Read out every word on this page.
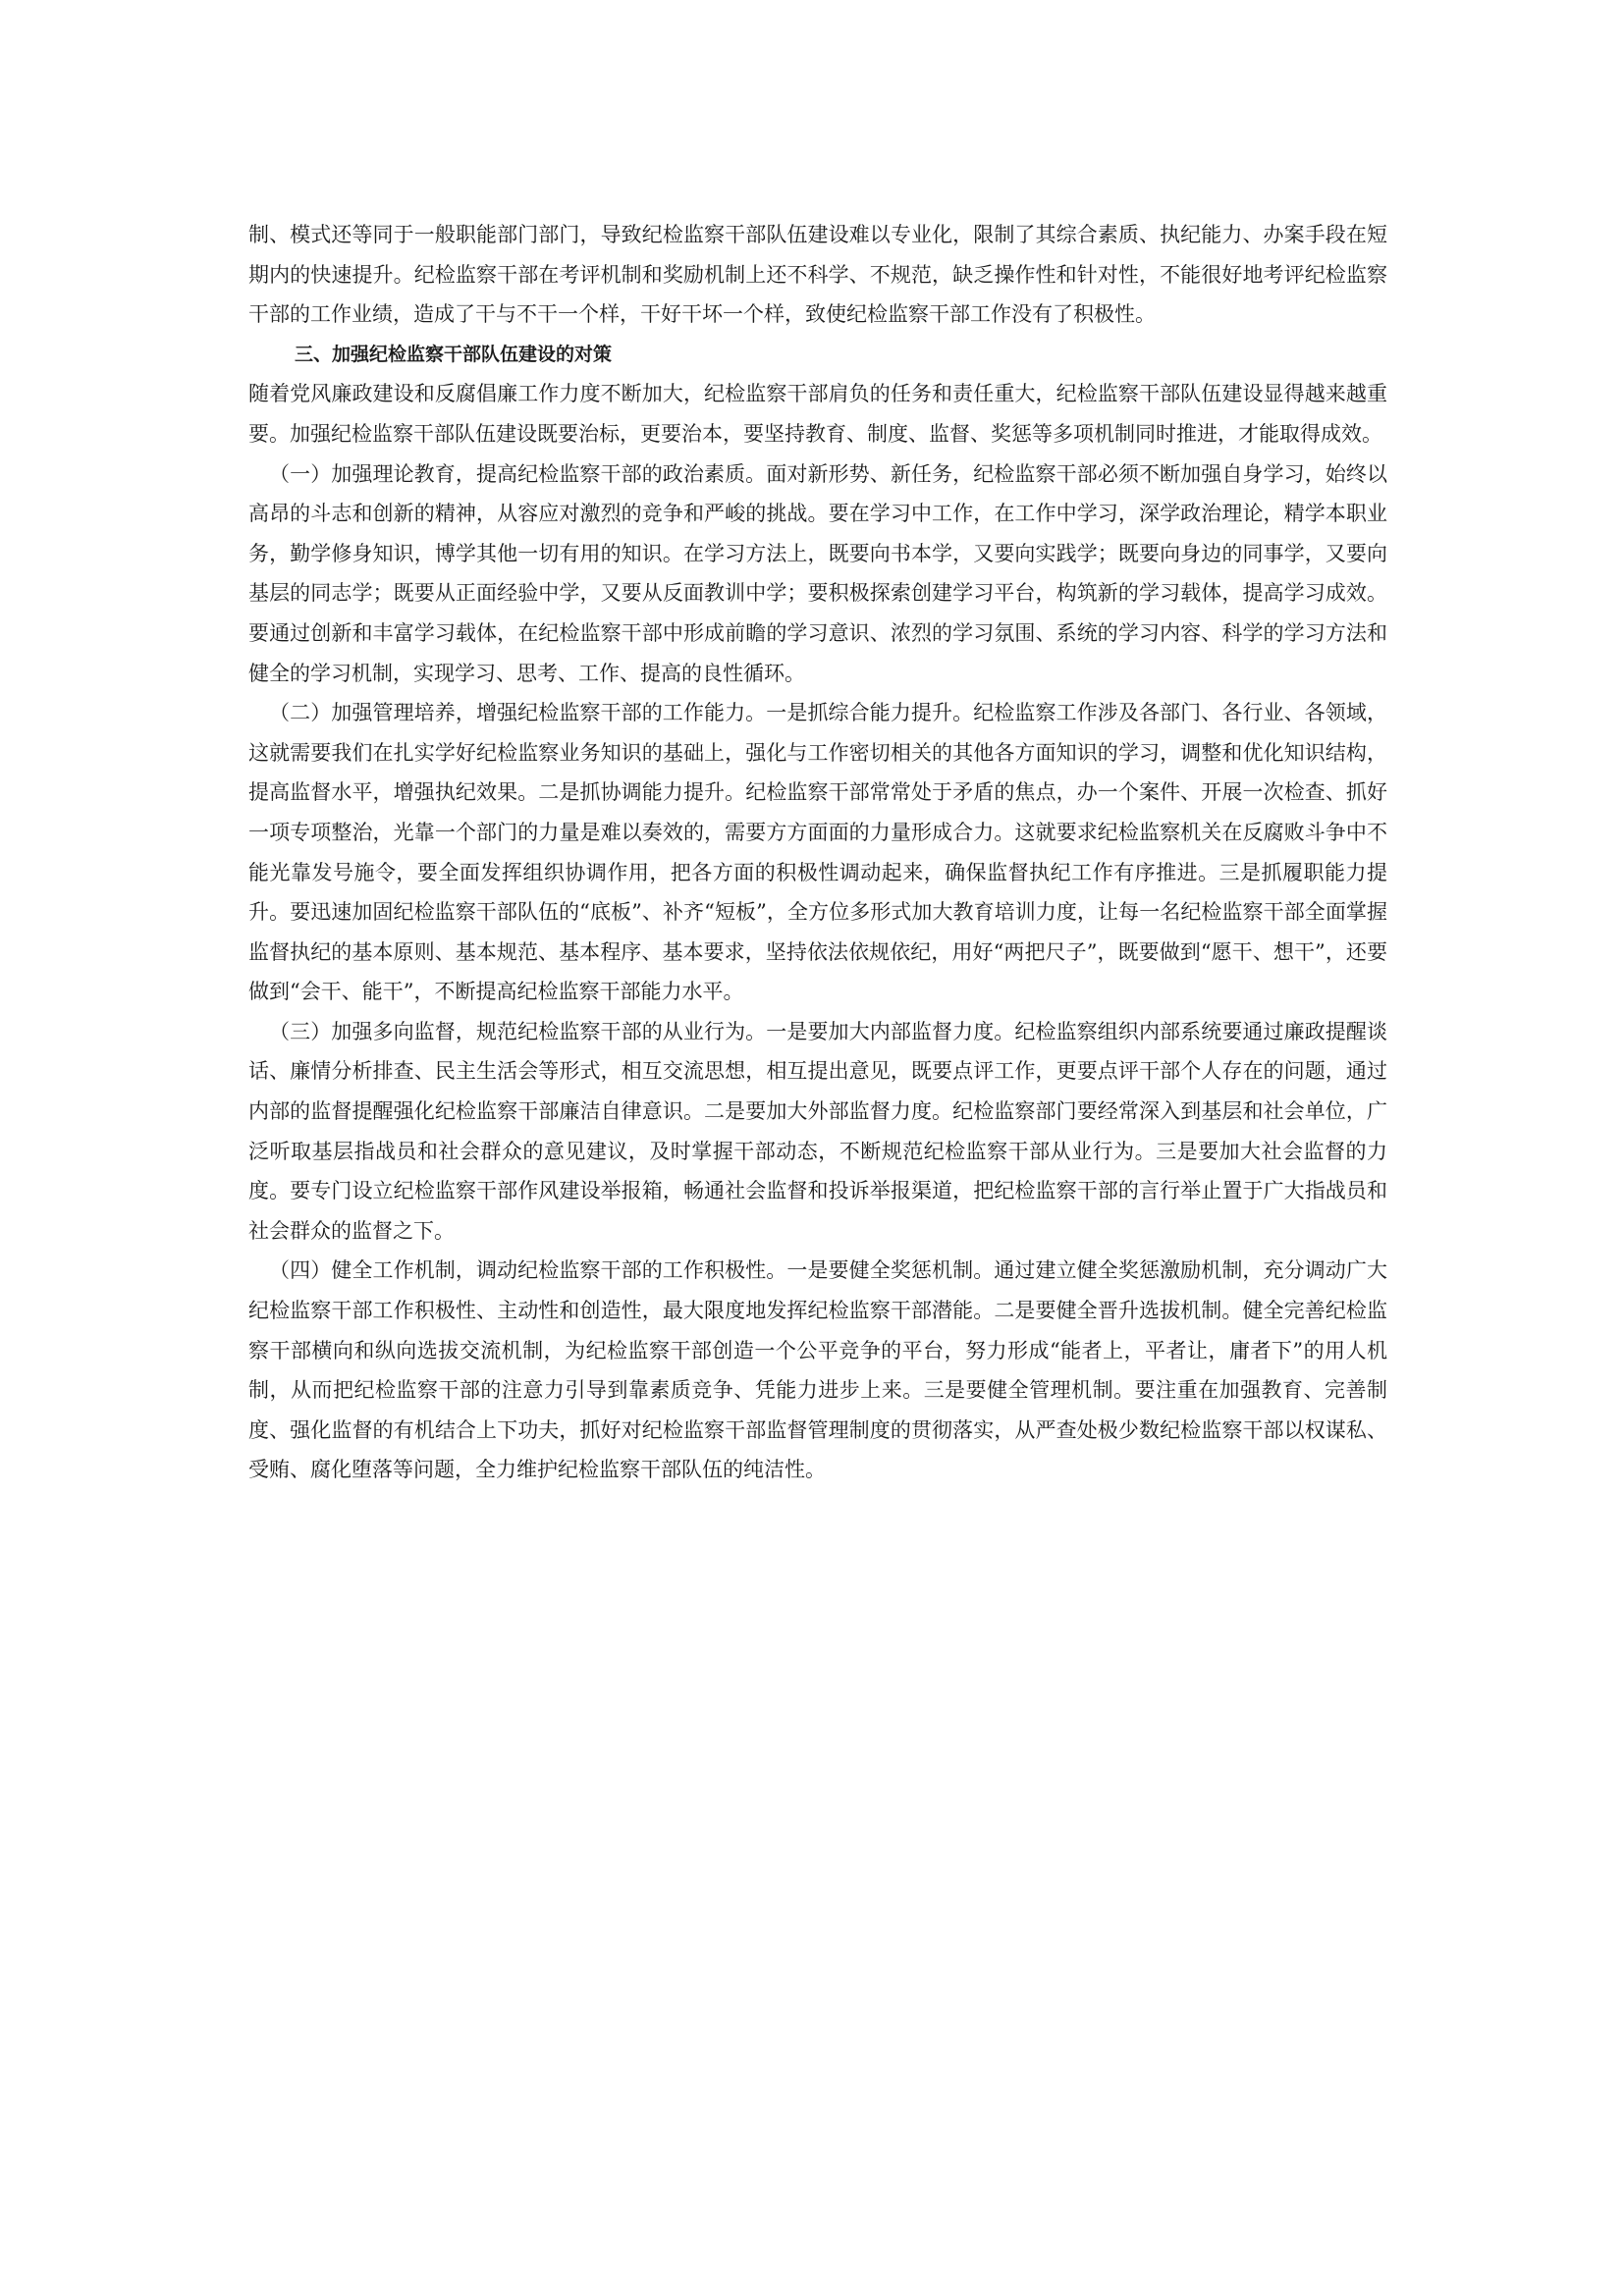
制、模式还等同于一般职能部门部门，导致纪检监察干部队伍建设难以专业化，限制了其综合素质、执纪能力、办案手段在短期内的快速提升。纪检监察干部在考评机制和奖励机制上还不科学、不规范，缺乏操作性和针对性，不能很好地考评纪检监察干部的工作业绩，造成了干与不干一个样，干好干坏一个样，致使纪检监察干部工作没有了积极性。

三、加强纪检监察干部队伍建设的对策

随着党风廉政建设和反腐倡廉工作力度不断加大，纪检监察干部肩负的任务和责任重大，纪检监察干部队伍建设显得越来越重要。加强纪检监察干部队伍建设既要治标，更要治本，要坚持教育、制度、监督、奖惩等多项机制同时推进，才能取得成效。

（一）加强理论教育，提高纪检监察干部的政治素质。面对新形势、新任务，纪检监察干部必须不断加强自身学习，始终以高昂的斗志和创新的精神，从容应对激烈的竞争和严峻的挑战。要在学习中工作，在工作中学习，深学政治理论，精学本职业务，勤学修身知识，博学其他一切有用的知识。在学习方法上，既要向书本学，又要向实践学；既要向身边的同事学，又要向基层的同志学；既要从正面经验中学，又要从反面教训中学；要积极探索创建学习平台，构筑新的学习载体，提高学习成效。要通过创新和丰富学习载体，在纪检监察干部中形成前瞻的学习意识、浓烈的学习氛围、系统的学习内容、科学的学习方法和健全的学习机制，实现学习、思考、工作、提高的良性循环。

（二）加强管理培养，增强纪检监察干部的工作能力。一是抓综合能力提升。纪检监察工作涉及各部门、各行业、各领域，这就需要我们在扎实学好纪检监察业务知识的基础上，强化与工作密切相关的其他各方面知识的学习，调整和优化知识结构，提高监督水平，增强执纪效果。二是抓协调能力提升。纪检监察干部常常处于矛盾的焦点，办一个案件、开展一次检查、抓好一项专项整治，光靠一个部门的力量是难以奏效的，需要方方面面的力量形成合力。这就要求纪检监察机关在反腐败斗争中不能光靠发号施令，要全面发挥组织协调作用，把各方面的积极性调动起来，确保监督执纪工作有序推进。三是抓履职能力提升。要迅速加固纪检监察干部队伍的“底板”、补齐“短板”，全方位多形式加大教育培训力度，让每一名纪检监察干部全面掌握监督执纪的基本原则、基本规范、基本程序、基本要求，坚持依法依规依纪，用好“两把尺子”，既要做到“愿干、想干”，还要做到“会干、能干”，不断提高纪检监察干部能力水平。

（三）加强多向监督，规范纪检监察干部的从业行为。一是要加大内部监督力度。纪检监察组织内部系统要通过廉政提醒谈话、廉情分析排查、民主生活会等形式，相互交流思想，相互提出意见，既要点评工作，更要点评干部个人存在的问题，通过内部的监督提醒强化纪检监察干部廉洁自律意识。二是要加大外部监督力度。纪检监察部门要经常深入到基层和社会单位，广泛听取基层指战员和社会群众的意见建议，及时掌握干部动态，不断规范纪检监察干部从业行为。三是要加大社会监督的力度。要专门设立纪检监察干部作风建设举报箱，畅通社会监督和投诉举报渠道，把纪检监察干部的言行举止置于广大指战员和社会群众的监督之下。

（四）健全工作机制，调动纪检监察干部的工作积极性。一是要健全奖惩机制。通过建立健全奖惩激励机制，充分调动广大纪检监察干部工作积极性、主动性和创造性，最大限度地发挥纪检监察干部潜能。二是要健全晋升选拔机制。健全完善纪检监察干部横向和纵向选拔交流机制，为纪检监察干部创造一个公平竞争的平台，努力形成“能者上，平者让，庸者下”的用人机制，从而把纪检监察干部的注意力引导到靠素质竞争、凭能力进步上来。三是要健全管理机制。要注重在加强教育、完善制度、强化监督的有机结合上下功夫，抓好对纪检监察干部监督管理制度的贯彻落实，从严查处极少数纪检监察干部以权谋私、受贿、腐化堕落等问题，全力维护纪检监察干部队伍的纯洁性。
